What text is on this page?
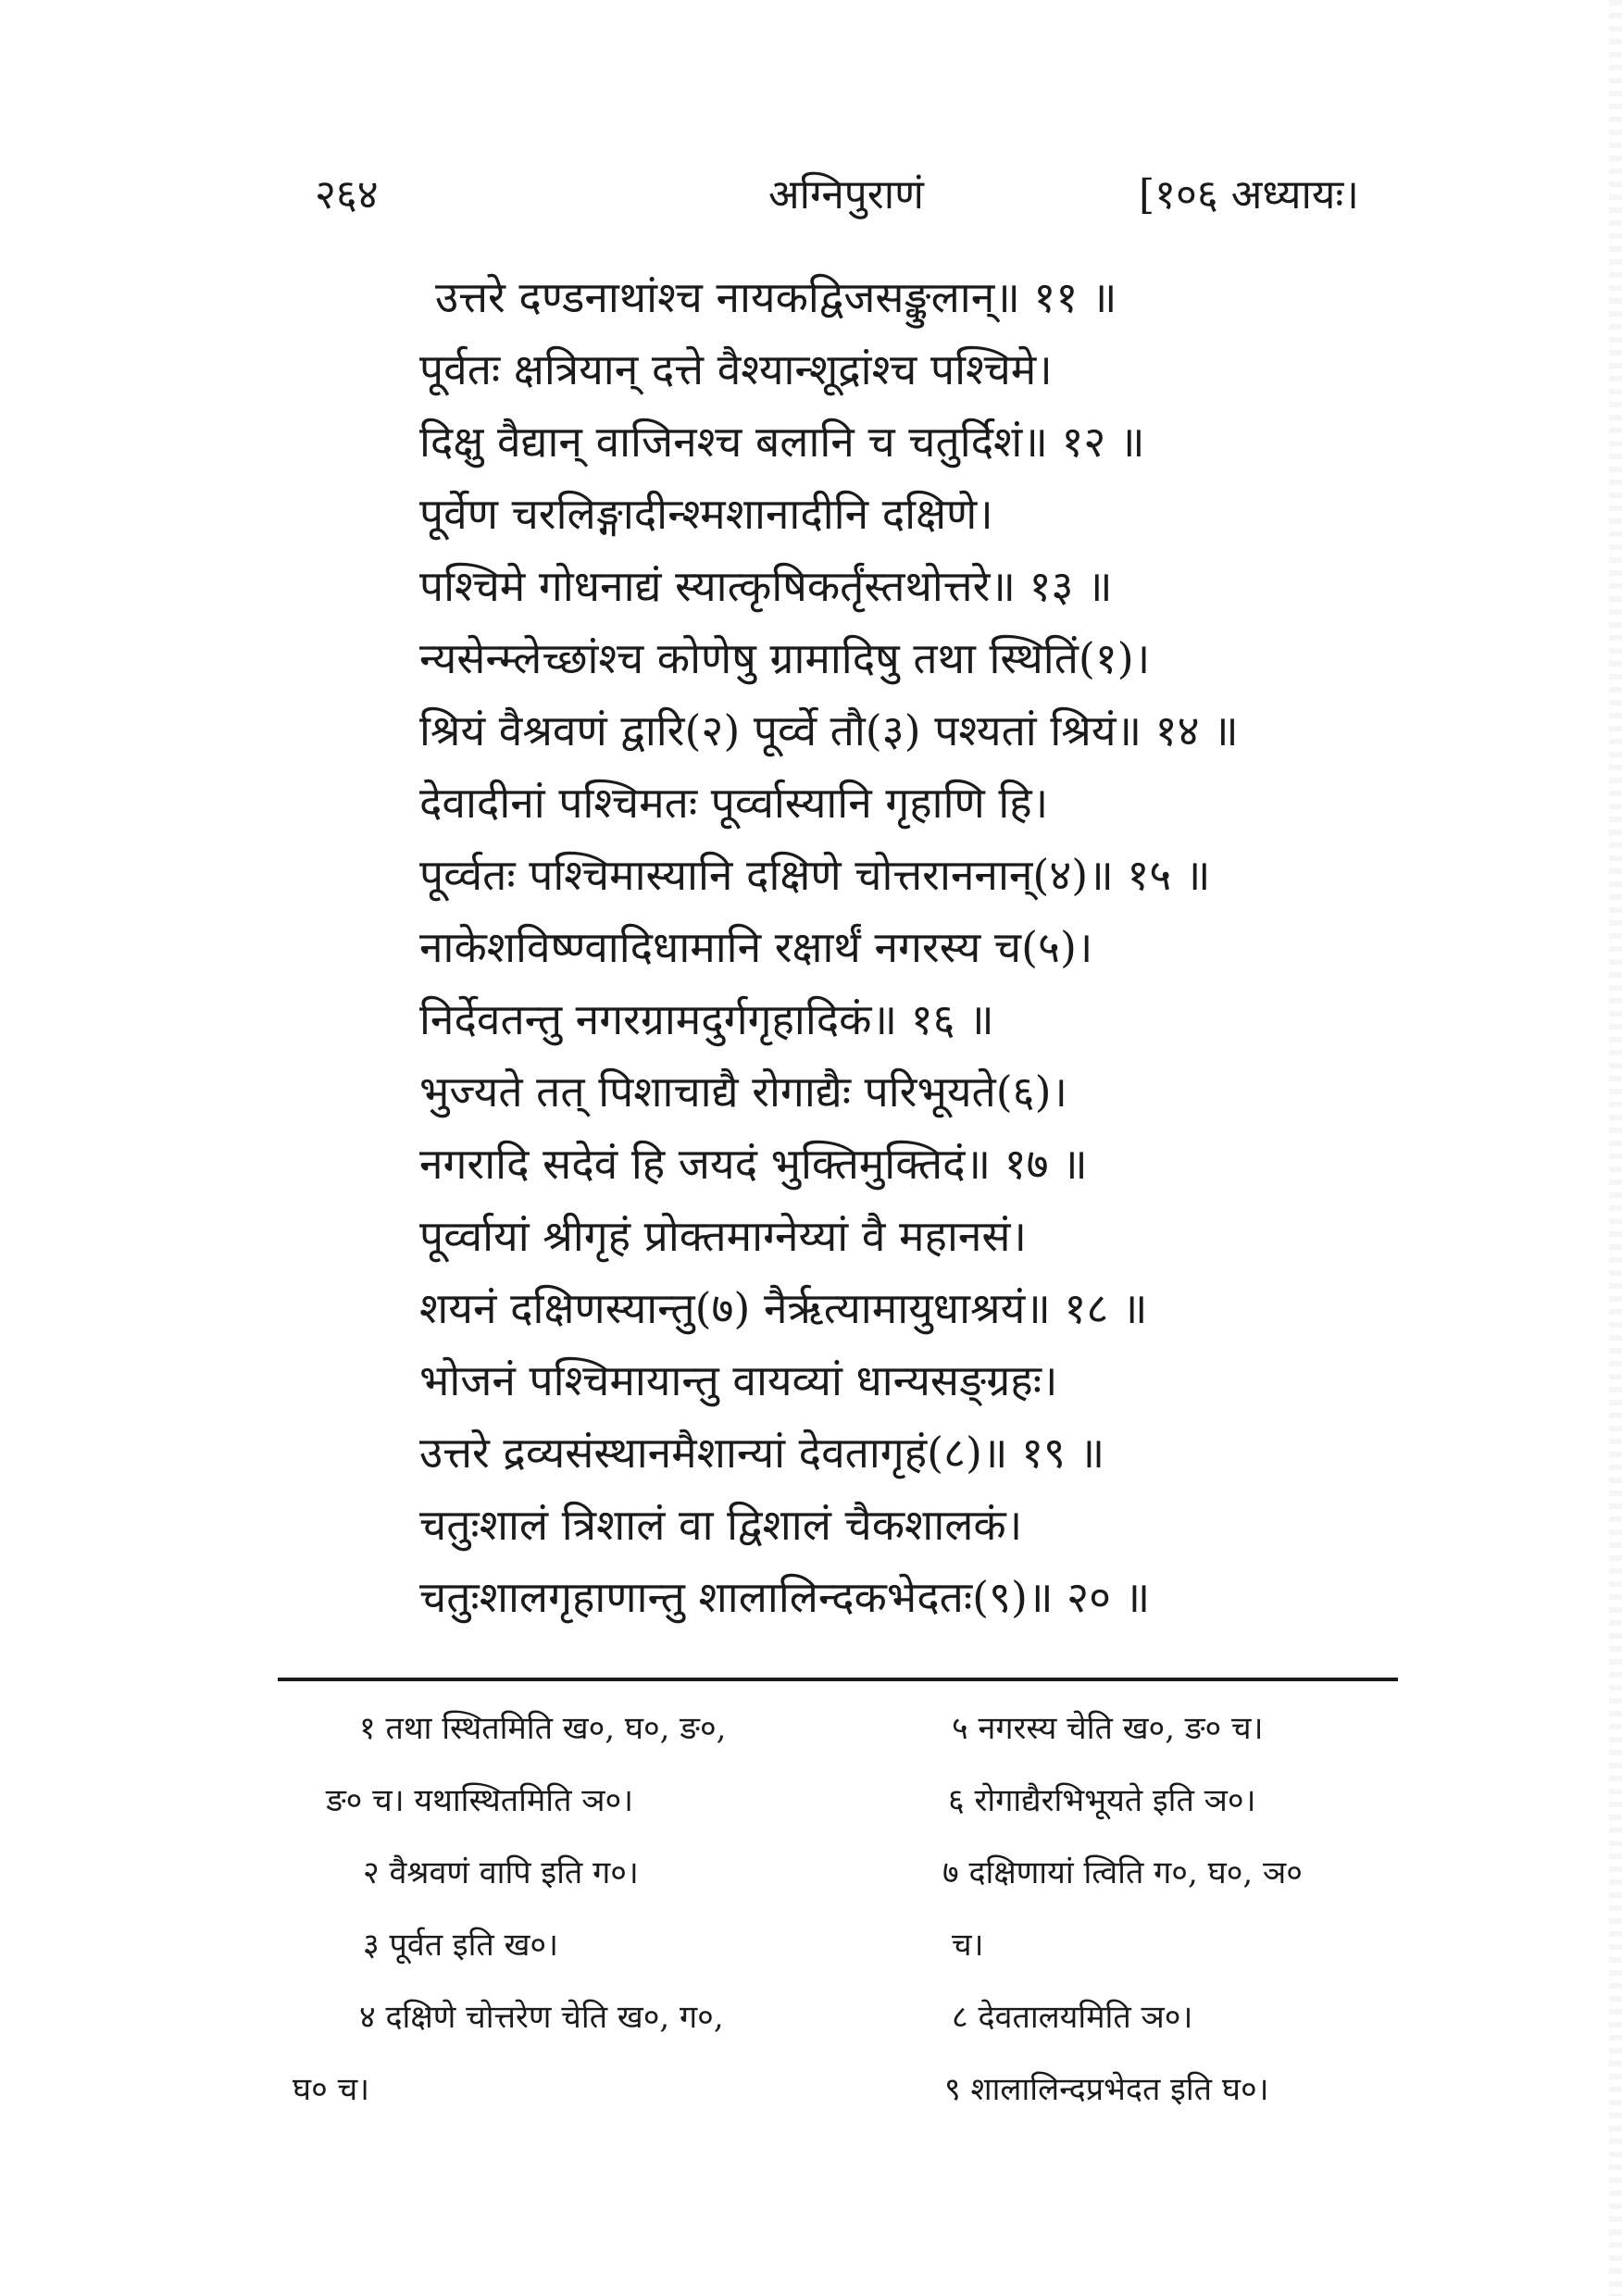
२६४	अग्निपुराणं	[१०६ अध्यायः।
उत्तरे दण्डनाथांश्च नायकद्विजसङ्कुलान्॥ ११ ॥
पूर्वतः क्षत्रियान् दत्ते वैश्यान्शूद्रांश्च पश्चिमे।
दिक्षु वैद्यान् वाजिनश्च बलानि च चतुर्दिशं॥ १२ ॥
पूर्वेण चरलिङ्गादीन्श्मशानादीनि दक्षिणे।
पश्चिमे गोधनाद्यं स्यात्कृषिकर्तृंस्तथोत्तरे॥ १३ ॥
न्यसेन्म्लेच्छांश्च कोणेषु ग्रामादिषु तथा स्थितिं(१)।
श्रियं वैश्रवणं द्वारि(२) पूर्व्वे तौ(३) पश्यतां श्रियं॥ १४ ॥
देवादीनां पश्चिमतः पूर्व्वास्यानि गृहाणि हि।
पूर्व्वतः पश्चिमास्यानि दक्षिणे चोत्तराननान्(४)॥ १५ ॥
नाकेशविष्ण्वादिधामानि रक्षार्थं नगरस्य च(५)।
निर्देवतन्तु नगरग्रामदुर्गगृहादिकं॥ १६ ॥
भुज्यते तत् पिशाचाद्यै रोगाद्यैः परिभूयते(६)।
नगरादि सदेवं हि जयदं भुक्तिमुक्तिदं॥ १७ ॥
पूर्व्वायां श्रीगृहं प्रोक्तमाग्नेय्यां वै महानसं।
शयनं दक्षिणस्यान्तु(७) नैर्ऋत्यामायुधाश्रयं॥ १८ ॥
भोजनं पश्चिमायान्तु वायव्यां धान्यसङ्ग्रहः।
उत्तरे द्रव्यसंस्थानमैशान्यां देवतागृहं(८)॥ १९ ॥
चतुःशालं त्रिशालं वा द्विशालं चैकशालकं।
चतुःशालगृहाणान्तु शालालिन्दकभेदतः(९)॥ २० ॥
१ तथा स्थितमिति ख०, घ०, ङ०,
ङ० च। यथास्थितमिति ञ०।
२ वैश्रवणं वापि इति ग०।
३ पूर्वत इति ख०।
४ दक्षिणे चोत्तरेण चेति ख०, ग०,
घ० च।
५ नगरस्य चेति ख०, ङ० च।
६ रोगाद्यैरभिभूयते इति ञ०।
७ दक्षिणायां त्विति ग०, घ०, ञ०
च।
८ देवतालयमिति ञ०।
९ शालालिन्दप्रभेदत इति घ०।
